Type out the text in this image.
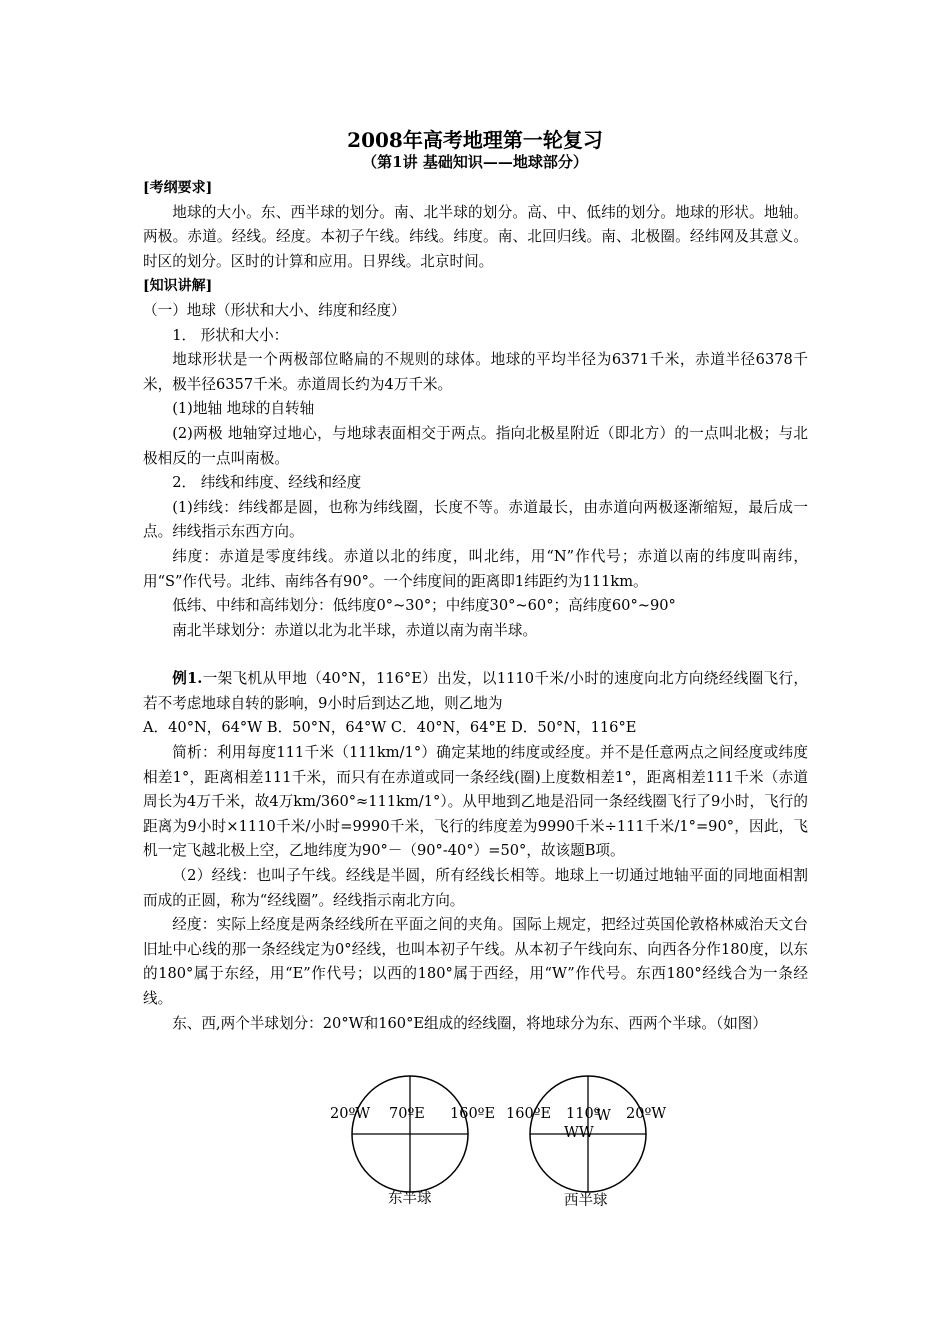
2008年高考地理第一轮复习
（第1讲 基础知识——地球部分）

[考纲要求]

地球的大小。东、西半球的划分。南、北半球的划分。高、中、低纬的划分。地球的形状。地轴。两极。赤道。经线。经度。本初子午线。纬线。纬度。南、北回归线。南、北极圈。经纬网及其意义。时区的划分。区时的计算和应用。日界线。北京时间。

[知识讲解]

（一）地球（形状和大小、纬度和经度）

1． 形状和大小：

地球形状是一个两极部位略扁的不规则的球体。地球的平均半径为6371千米，赤道半径6378千米，极半径6357千米。赤道周长约为4万千米。

(1)地轴 地球的自转轴

(2)两极 地轴穿过地心，与地球表面相交于两点。指向北极星附近（即北方）的一点叫北极；与北极相反的一点叫南极。

2． 纬线和纬度、经线和经度

(1)纬线：纬线都是圆，也称为纬线圈，长度不等。赤道最长，由赤道向两极逐渐缩短，最后成一点。纬线指示东西方向。

纬度：赤道是零度纬线。赤道以北的纬度，叫北纬，用“N”作代号；赤道以南的纬度叫南纬，用“S”作代号。北纬、南纬各有90°。一个纬度间的距离即1纬距约为111km。

低纬、中纬和高纬划分：低纬度0°~30°；中纬度30°~60°；高纬度60°~90°

南北半球划分：赤道以北为北半球，赤道以南为南半球。

例1.一架飞机从甲地（40°N，116°E）出发，以1110千米/小时的速度向北方向绕经线圈飞行，若不考虑地球自转的影响，9小时后到达乙地，则乙地为

A．40°N，64°W B．50°N，64°W C．40°N，64°E D．50°N，116°E

简析：利用每度111千米（111km/1°）确定某地的纬度或经度。并不是任意两点之间经度或纬度相差1°，距离相差111千米，而只有在赤道或同一条经线(圈)上度数相差1°，距离相差111千米（赤道周长为4万千米，故4万km/360°≈111km/1°）。从甲地到乙地是沿同一条经线圈飞行了9小时，飞行的距离为9小时×1110千米/小时=9990千米，飞行的纬度差为9990千米÷111千米/1°=90°，因此，飞机一定飞越北极上空，乙地纬度为90°－（90°-40°）=50°，故该题B项。

（2）经线：也叫子午线。经线是半圆，所有经线长相等。地球上一切通过地轴平面的同地面相割而成的正圆，称为“经线圈”。经线指示南北方向。

经度：实际上经度是两条经线所在平面之间的夹角。国际上规定，把经过英国伦敦格林威治天文台旧址中心线的那一条经线定为0°经线，也叫本初子午线。从本初子午线向东、向西各分作180度，以东的180°属于东经，用“E”作代号；以西的180°属于西经，用“W”作代号。东西180°经线合为一条经线。

东、西,两个半球划分：20°W和160°E组成的经线圈，将地球分为东、西两个半球。（如图）

20ºW 70ºE 160ºE
东半球
160ºE 110º
W
WW
20ºW
西半球
